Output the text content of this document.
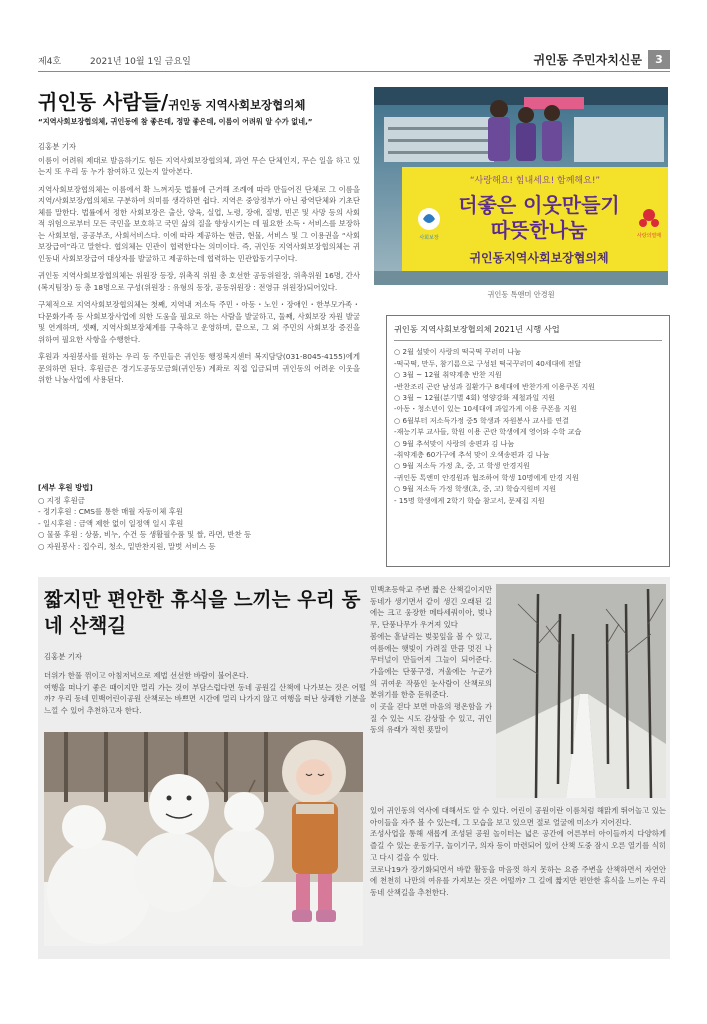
제4호	2021년 10월 1일 금요일	귀인동 주민자치신문	3
귀인동 사람들/귀인동 지역사회보장협의체
“지역사회보장협의체, 귀인동에 참 좋은데, 정말 좋은데, 이름이 어려워 알 수가 없네,”

김홍분 기자

이름이 어려워 제대로 발음하기도 힘든 지역사회보장협의체, 과연 무슨 단체인지, 무슨 일을 하고 있는지 또 우리 동 누가 참여하고 있는지 알아본다.

지역사회보장협의체는 이름에서 확 느껴지듯 법률에 근거해 조례에 따라 만들어진 단체로 그 이름을 지역/사회보장/협의체로 구분하여 의미를 생각하면 쉽다. 지역은 중앙정부가 아닌 광역단체와 기초단체를 말한다. 법률에서 정한 사회보장은 출산, 양육, 실업, 노령, 장애, 질병, 빈곤 및 사망 등의 사회적 위험으로부터 모든 국민을 보호하고 국민 삶의 질을 향상시키는 데 필요한 소득・서비스를 보장하는 사회보험, 공공부조, 사회서비스다. 이에 따라 제공하는 현금, 현물, 서비스 및 그 이용권을 “사회보장급여”라고 말한다. 협의체는 민관이 협력한다는 의미이다. 즉, 귀인동 지역사회보장협의체는 귀인동내 사회보장급여 대상자를 발굴하고 제공하는데 협력하는 민관합동기구이다.

귀인동 지역사회보장협의체는 위원장 등장, 위촉직 위원 총 호선한 공동위원장, 위촉위원 16명, 간사(복지팀장) 등 총 18명으로 구성(위원장 : 유형의 동장, 공동위원장 : 전영규 위원장)되어있다.

구체적으로 지역사회보장협의체는 첫째, 지역내 저소득 주민・아동・노인・장애인・한부모가족・다문화가족 등 사회보장사업에 의한 도움을 필요로 하는 사람을 발굴하고, 둘째, 사회보장 자원 발굴 및 연계하며, 셋째, 지역사회보장체계를 구축하고 운영하며, 끝으로, 그 외 주민의 사회보장 증진을 위하여 필요한 사항을 수행한다.

후원과 자원봉사를 원하는 우리 동 주민들은 귀인동 행정복지센터 복지담당(031-8045-4155)에게 문의하면 된다. 후원금은 경기도공동모금회(귀인동) 계좌로 직접 입금되며 귀인동의 어려운 이웃을 위한 나눔사업에 사용된다.

[세부 후원 방법]
○ 지정 후원금
- 정기후원 : CMS를 통한 매월 자동이체 후원
- 일시후원 : 금액 제한 없이 일정액 일시 후원
○ 물품 후원 : 상품, 비누, 수건 등 생활필수품 및 쌀, 라면, 반찬 등
○ 자원봉사 : 집수리, 청소, 밑반찬지원, 말벗 서비스 등
“사랑해요! 힘내세요! 함께해요!”
더좋은 이웃만들기
따뜻한나눔
귀인동지역사회보장협의체
사회보장	사랑의열매
귀인동 톡앤미 안경원
귀인동 지역사회보장협의체 2021년 시행 사업
○ 2월 설맞이 사랑의 떡국떡 꾸러미 나눔
-떡국떡, 만두, 참기름으로 구성된 떡국꾸러미 40세대에 전달
○ 3월 ~ 12월 취약계층 반찬 지원
-반찬조리 곤란 남성과 질환가구 8세대에 반찬가게 이용쿠폰 지원
○ 3월 ~ 12월(분기별 4회) 영양강화 제철과일 지원
-아동・청소년이 있는 10세대에 과일가게 이용 쿠폰을 지원
○ 6월부터 저소득가정 중5 학생과 자원봉사 교사를 연결
-재능기부 교사들, 학원 이용 곤란 학생에게 영어와 수학 교습
○ 9월 추석맞이 사랑의 송편과 김 나눔
-취약계층 60가구에 추석 맞이 오색송편과 김 나눔
○ 9월 저소득 가정 초, 중, 고 학생 안경지원
-귀인동 톡앤미 안경원과 협조하여 학생 10명에게 안경 지원
○ 9월 저소득 가정 학생(초, 중, 고) 학습지원비 지원
- 15명 학생에게 2학기 학습 참고서, 문제집 지원
짧지만 편안한 휴식을 느끼는 우리 동네 산책길
김홍분 기자
더위가 한풀 꺾이고 아침저녁으로 제법 선선한 바람이 불어온다.
여행을 떠나기 좋은 때이지만 멀리 가는 것이 부담스럽다면 동네 공원길 산책에 나가보는 것은 어떨까? 우리 동네 민백어린이공원 산책로는 바쁘면 시간에 멀리 나가지 않고 여행을 떠난 상쾌한 기분을 느낄 수 있어 추천하고자 한다.
민백초등학교 주변 짧은 산책길이지만 동네가 생기면서 같이 생긴 오래된 길에는 크고 웅장한 메타세쿼이아, 벚나무, 단풍나무가 우거져 있다
봄에는 흩날리는 벚꽃잎을 볼 수 있고, 여름에는 햇빛이 가려질 만큼 멋진 나무터널이 만들어져 그늘이 되어준다. 가을에는 단풍구경, 겨울에는 누군가의 귀여운 작품인 눈사람이 산책로의 분위기를 한층 돋워준다.
이 곳을 걷다 보면 마음의 평온함을 가질 수 있는 시도 감상할 수 있고, 귀인동의 유래가 적힌 푯말이
있어 귀인동의 역사에 대해서도 알 수 있다. 어린이 공원이란 이름처럼 해맑게 뛰어놀고 있는 아이들을 자주 볼 수 있는데, 그 모습을 보고 있으면 절로 얼굴에 미소가 지어진다.
조성사업을 통해 새롭게 조성된 공원 놀이터는 넓은 공간에 어른부터 아이들까지 다양하게 즐길 수 있는 운동기구, 놀이기구, 의자 등이 마련되어 있어 산책 도중 잠시 오른 열기를 식히고 다시 걸을 수 있다.
코로나19가 장기화되면서 바깥 활동을 마음껏 하지 못하는 요즘 주변을 산책하면서 자연안에 천천히 나만의 여유를 가져보는 것은 어떨까? 그 길에 짧지만 편안한 휴식을 느끼는 우리 동네 산책길을 추천한다.
